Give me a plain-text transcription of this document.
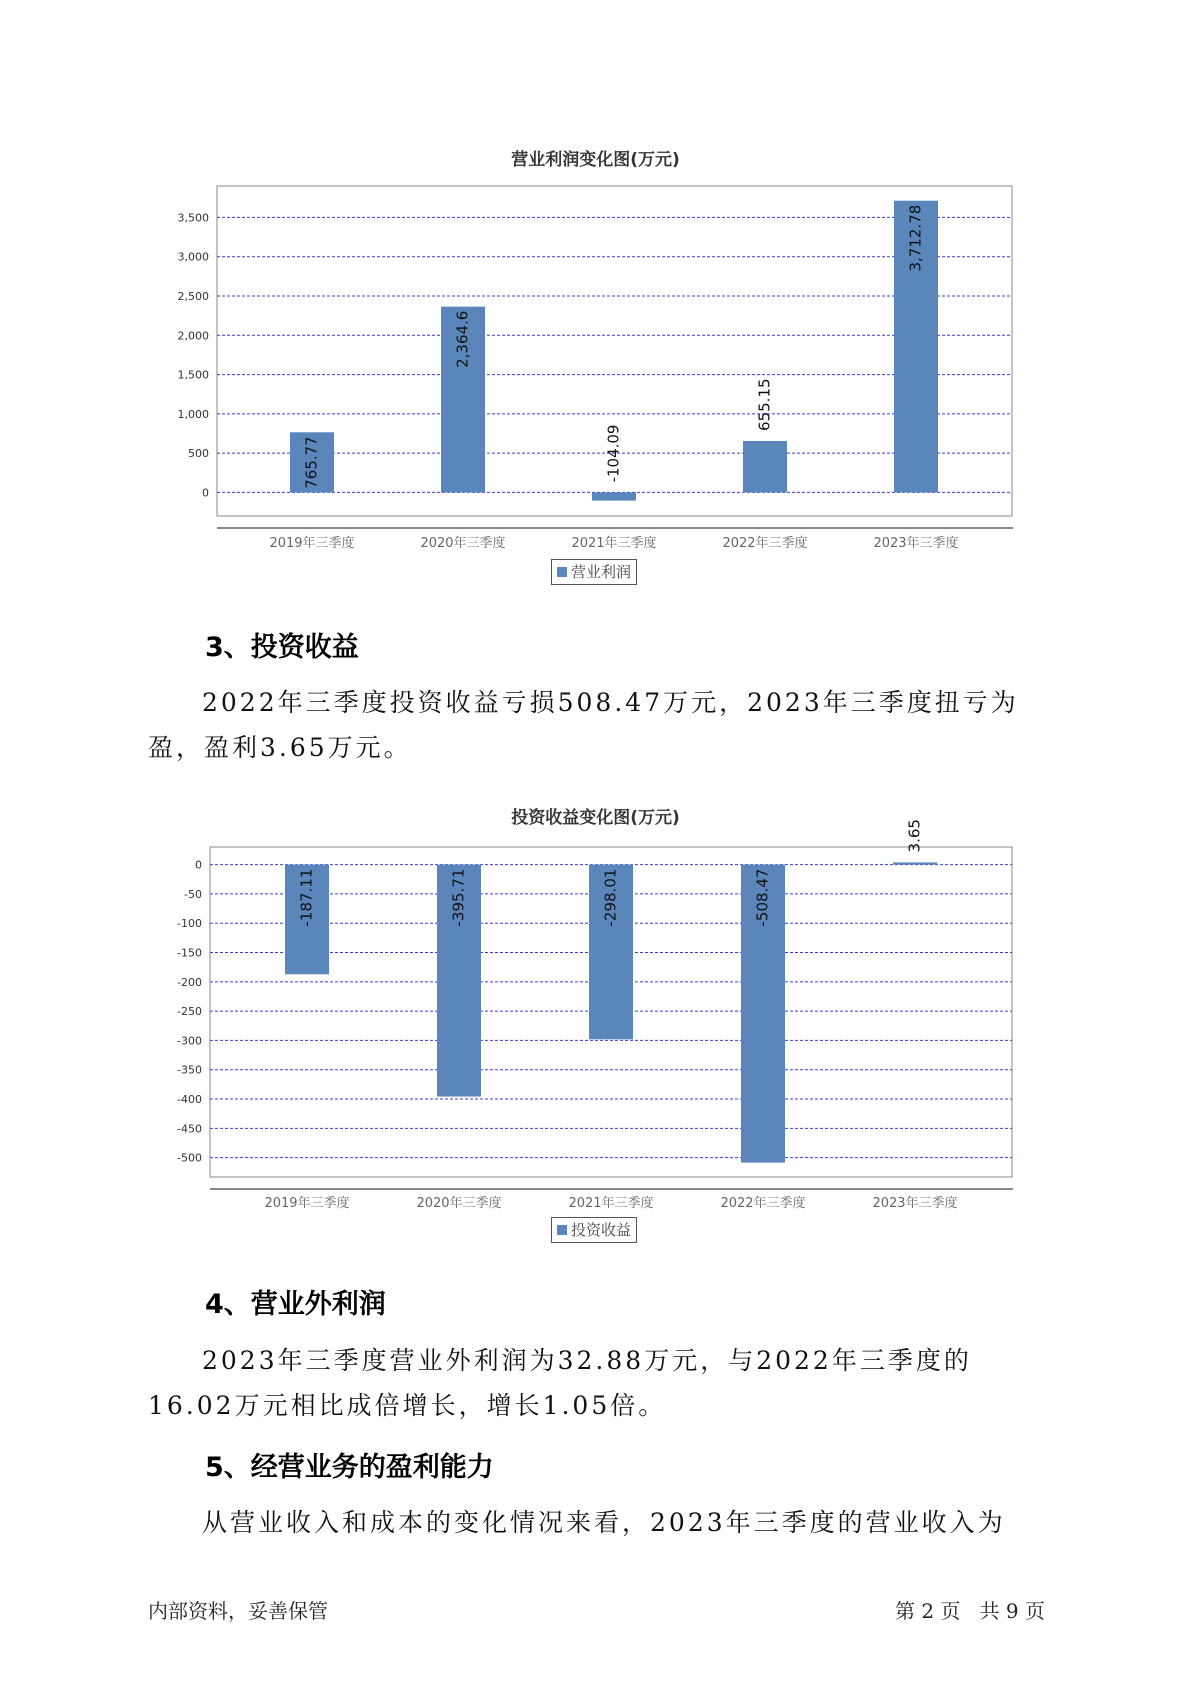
营业利润变化图(万元)
0
500
1,000
1,500
2,000
2,500
3,000
3,500
2019年三季度	2020年三季度	2021年三季度	2022年三季度	2023年三季度
765.77
2,364.6
-104.09
655.15
3,712.78
营业利润
3、投资收益
2022年三季度投资收益亏损508.47万元，2023年三季度扭亏为盈，盈利3.65万元。
投资收益变化图(万元)
0
-50
-100
-150
-200
-250
-300
-350
-400
-450
-500
2019年三季度	2020年三季度	2021年三季度	2022年三季度	2023年三季度
-187.11	-395.71	-298.01	-508.47
3.65
投资收益
4、营业外利润
2023年三季度营业外利润为32.88万元，与2022年三季度的16.02万元相比成倍增长，增长1.05倍。
5、经营业务的盈利能力
从营业收入和成本的变化情况来看，2023年三季度的营业收入为
内部资料，妥善保管	第 2 页   共 9 页
